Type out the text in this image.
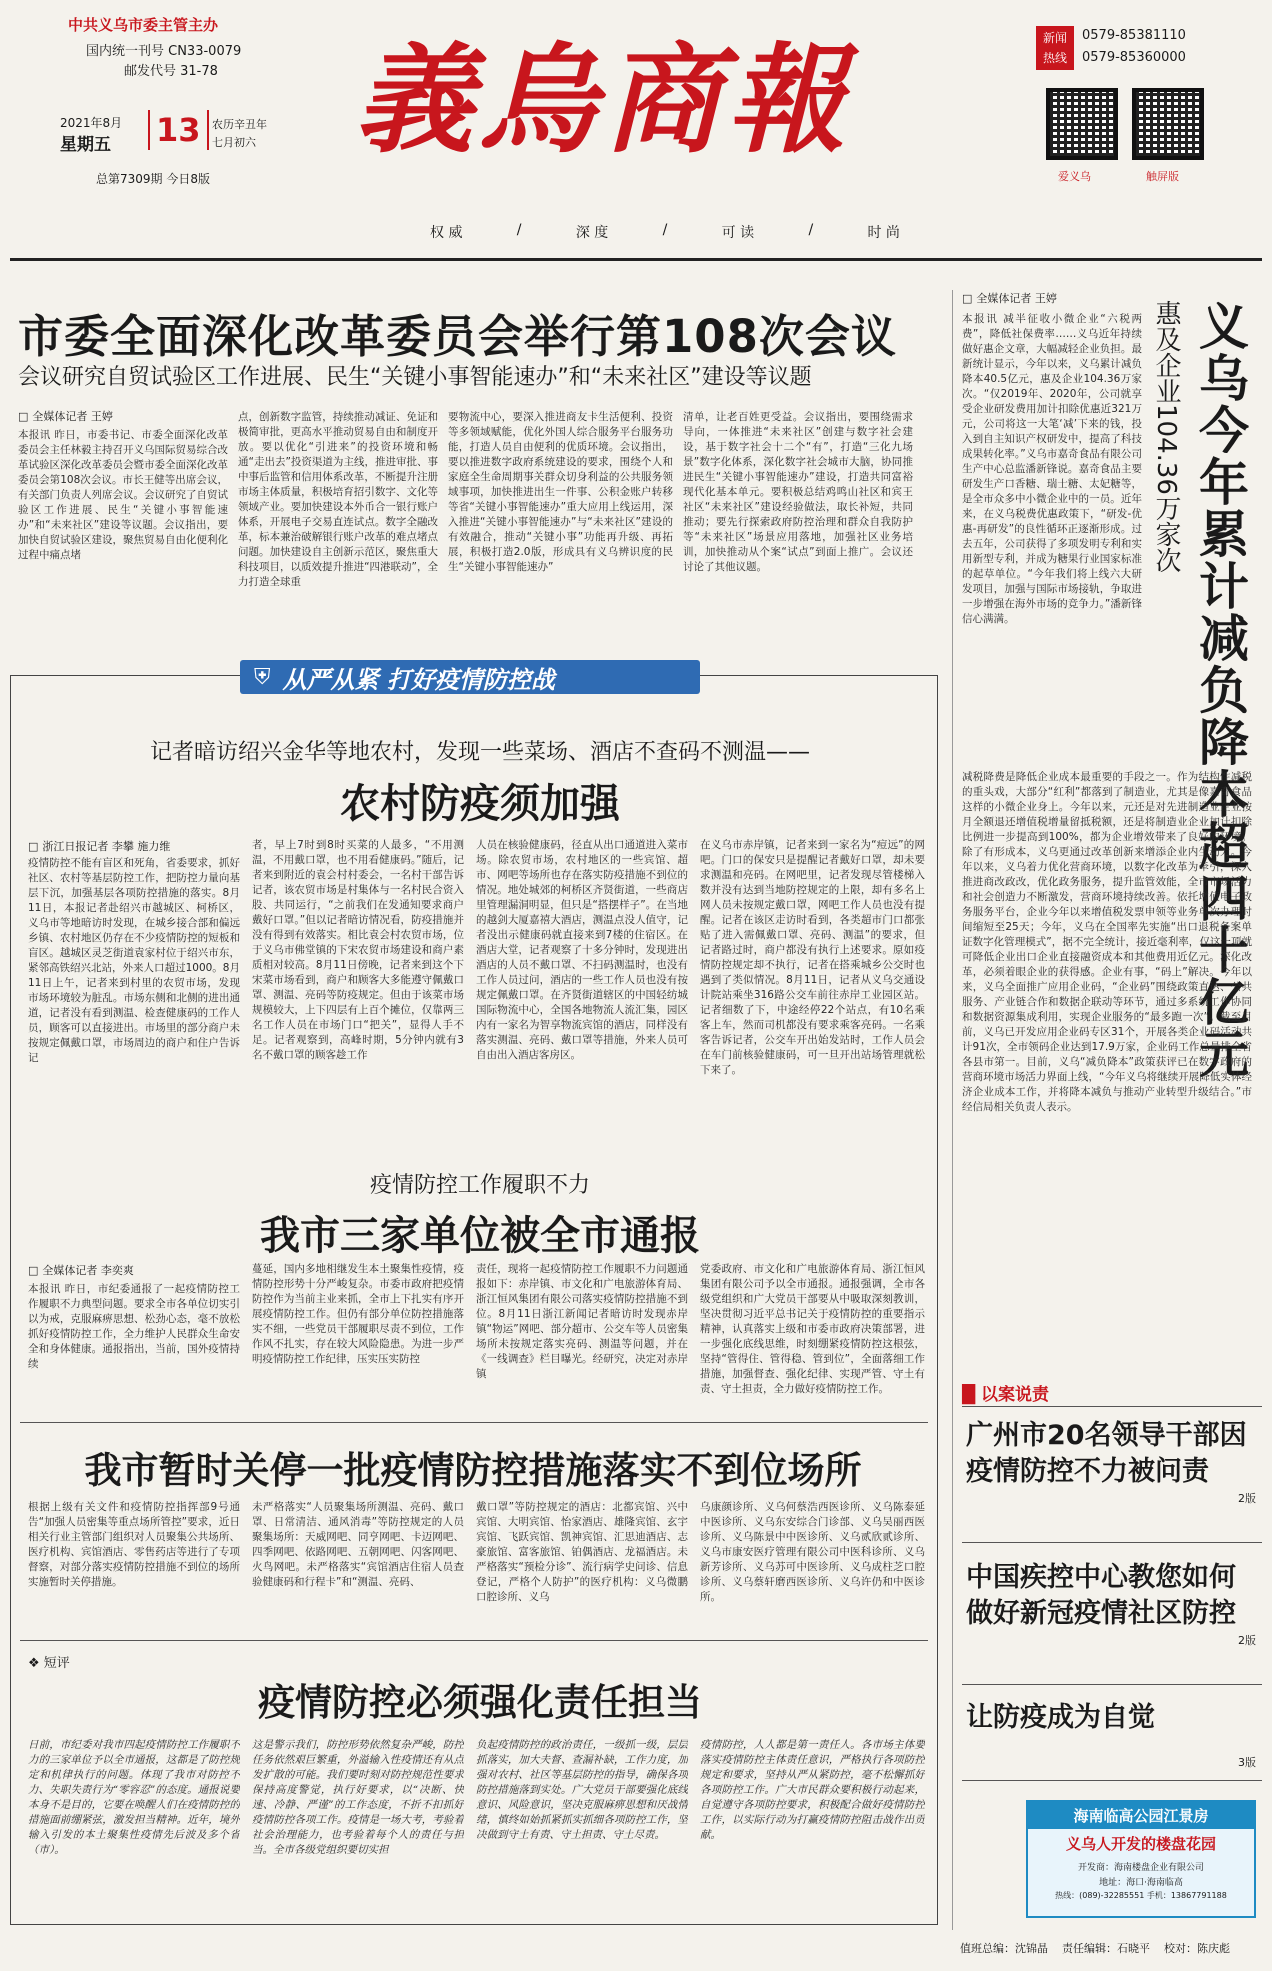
中共义乌市委主管主办
国内统一刊号 CN33-0079
邮发代号 31-78
2021年8月
星期五 13	农历辛丑年
七月初六
总第7309期 今日8版
義烏商報
权 威	/	深 度	/	可 读	/	时 尚
新闻
热线
0579-85381110
0579-85360000
爱义乌	触屏版
市委全面深化改革委员会举行第108次会议
会议研究自贸试验区工作进展、民生“关键小事智能速办”和“未来社区”建设等议题
□ 全媒体记者 王婷
本报讯 昨日，市委书记、市委全面深化改革委员会主任林毅主持召开义乌国际贸易综合改革试验区深化改革委员会暨市委全面深化改革委员会第108次会议。市长王健等出席会议，有关部门负责人列席会议。会议研究了自贸试验区工作进展、民生“关键小事智能速办”和“未来社区”建设等议题。会议指出，要加快自贸试验区建设，聚焦贸易自由化便利化过程中痛点堵
点，创新数字监管，持续推动减证、免证和极简审批，更高水平推动贸易自由和制度开放。要以优化“引进来”的投资环境和畅通“走出去”投资渠道为主线，推进审批、事中事后监管和信用体系改革，不断提升注册市场主体质量，积极培育招引数字、文化等领域产业。要加快建设本外币合一银行账户体系，开展电子交易直连试点。数字全融改革，标本兼治破解银行账户改革的难点堵点问题。加快建设自主创新示范区，聚焦重大科技项目，以质效提升推进“四港联动”，全力打造全球重
要物流中心，要深入推进商友卡生活便利、投资等多领域赋能，优化外国人综合服务平台服务功能，打造人员自由便利的优质环境。会议指出，要以推进数字政府系统建设的要求，围绕个人和家庭全生命周期事关群众切身利益的公共服务领域事项，加快推进出生一件事、公积金账户转移等省“关键小事智能速办”重大应用上线运用，深入推进“关键小事智能速办”与“未来社区”建设的有效融合，推动“关键小事”功能再升级、再拓展，积极打造2.0版，形成具有义乌辨识度的民生“关键小事智能速办”
清单，让老百姓更受益。会议指出，要围绕需求导向，一体推进“未来社区”创建与数字社会建设，基于数字社会十二个“有”，打造“三化九场景”数字化体系，深化数字社会城市大脑，协同推进民生“关键小事智能速办”建设，打造共同富裕现代化基本单元。要积极总结鸡鸣山社区和宾王社区“未来社区”建设经验做法，取长补短，共同推动；要先行探索政府防控治理和群众自我防护等“未来社区”场景应用落地，加强社区业务培训，加快推动从个案“试点”到面上推广。会议还讨论了其他议题。
□ 全媒体记者 王婷
义乌今年累计减负降本超四十亿元
惠及企业104.36万家次
本报讯 减半征收小微企业“六税两费”，降低社保费率……义乌近年持续做好惠企文章，大幅减轻企业负担。最新统计显示，今年以来，义乌累计减负降本40.5亿元，惠及企业104.36万家次。“仅2019年、2020年，公司就享受企业研发费用加计扣除优惠近321万元，公司将这一大笔‘减’下来的钱，投入到自主知识产权研发中，提高了科技成果转化率。”义乌市嘉奇食品有限公司生产中心总监潘新锋说。嘉奇食品主要研发生产口香糖、瑞士糖、太妃糖等，是全市众多中小微企业中的一员。近年来，在义乌税费优惠政策下，“研发-优惠-再研发”的良性循环正逐渐形成。过去五年，公司获得了多项发明专利和实用新型专利，并成为糖果行业国家标准的起草单位。“今年我们将上线六大研发项目，加强与国际市场接轨，争取进一步增强在海外市场的竞争力。”潘新锋信心满满。
减税降费是降低企业成本最重要的手段之一。作为结构性减税的重头戏，大部分“红利”都落到了制造业，尤其是像嘉奇食品这样的小微企业身上。今年以来，元还是对先进制造业企业按月全额退还增值税增量留抵税额，还是将制造业企业加计扣除比例进一步提高到100%，都为企业增效带来了良好的环境。除了有形成本，义乌更通过改革创新来增添企业内生动力。今年以来，义乌着力优化营商环境，以数字化改革为牵引，深入推进商改政改，优化政务服务，提升监管效能，全市市场活力和社会创造力不断激发，营商环境持续改善。依托增值电子政务服务平台，企业今年以来增值税发票申领等业务单次办理时间缩短至25天；今年，义乌在全国率先实施“出口退税备案单证数字化管理模式”，据不完全统计，接近毫利率，仅这一项就可降低企业出口企业直接融资成本和其他费用近亿元。深化改革，必须着眼企业的获得感。企业有事，“码上”解决。今年以来，义乌全面推广应用企业码，“企业码”围绕政策直达、公共服务、产业链合作和数据企联动等环节，通过多系统工作协同和数据资源集成利用，实现企业服务的“最多跑一次”。截至目前，义乌已开发应用企业码专区31个，开展各类企业码活动共计91次，全市领码企业达到17.9万家，企业码工作总量排全省各县市第一。目前，义乌“减负降本”政策获评已在数字政府的营商环境市场活力界面上线，“今年义乌将继续开展降低实体经济企业成本工作，并将降本减负与推动产业转型升级结合。”市经信局相关负责人表示。
⛨ 从严从紧 打好疫情防控战
记者暗访绍兴金华等地农村，发现一些菜场、酒店不查码不测温——
农村防疫须加强
□ 浙江日报记者 李攀 施力维
疫情防控不能有盲区和死角，省委要求，抓好社区、农村等基层防控工作，把防控力量向基层下沉，加强基层各项防控措施的落实。8月11日，本报记者赴绍兴市越城区、柯桥区，义乌市等地暗访时发现，在城乡接合部和偏远乡镇、农村地区仍存在不少疫情防控的短板和盲区。越城区灵芝街道袁家村位于绍兴市东，紧邻高铁绍兴北站，外来人口超过1000。8月11日上午，记者来到村里的农贸市场，发现市场环境较为脏乱。市场东侧和北侧的进出通道，记者没有看到测温、检查健康码的工作人员，顾客可以直接进出。市场里的部分商户未按规定佩戴口罩，市场周边的商户和住户告诉记
者，早上7时到8时买菜的人最多，“不用测温，不用戴口罩，也不用看健康码。”随后，记者来到附近的袁会村村委会，一名村干部告诉记者，该农贸市场是村集体与一名村民合资入股、共同运行，“之前我们在发通知要求商户戴好口罩。”但以记者暗访情况看，防疫措施并没有得到有效落实。相比袁会村农贸市场，位于义乌市佛堂镇的下宋农贸市场建设和商户素质相对较高。8月11日傍晚，记者来到这个下宋菜市场看到，商户和顾客大多能遵守佩戴口罩、测温、亮码等防疫规定。但由于该菜市场规模较大，上下四层有上百个摊位，仅靠两三名工作人员在市场门口“把关”，显得人手不足。记者观察到，高峰时期，5分钟内就有3名不戴口罩的顾客趁工作
人员在核验健康码，径直从出口通道进入菜市场。除农贸市场，农村地区的一些宾馆、超市、网吧等场所也存在落实防疫措施不到位的情况。地处城郊的柯桥区齐贤街道，一些商店里管理漏洞明显，但只是“搭摆样子”。在当地的越剑大厦嘉禧大酒店，测温点没人值守，记者没出示健康码就直接来到7楼的住宿区。在酒店大堂，记者观察了十多分钟时，发现进出酒店的人员不戴口罩、不扫码测温时，也没有工作人员过问，酒店的一些工作人员也没有按规定佩戴口罩。在齐贤街道辖区的中国轻纺城国际物流中心，全国各地物流人流汇集，园区内有一家名为智享物流宾馆的酒店，同样没有落实测温、亮码、戴口罩等措施，外来人员可自由出入酒店客房区。
在义乌市赤岸镇，记者来到一家名为“痘远”的网吧。门口的保安只是提醒记者戴好口罩，却未要求测温和亮码。在网吧里，记者发现尽管楼梯入数并没有达到当地防控规定的上限，却有多名上网人员未按规定戴口罩，网吧工作人员也没有提醒。记者在该区走访时看到，各类超市门口都张贴了进入需佩戴口罩、亮码、测温”的要求，但记者路过时，商户都没有执行上述要求。原如疫情防控规定却不执行，记者在搭乘城乡公交时也遇到了类似情况。8月11日，记者从义乌交通设计院站乘坐316路公交车前往赤岸工业园区站。记者细数了下，中途经停22个站点，有10名乘客上车，然而司机都没有要求乘客亮码。一名乘客告诉记者，公交车开出始发站时，工作人员会在车门前核验健康码，可一旦开出站场管理就松下来了。
疫情防控工作履职不力
我市三家单位被全市通报
□ 全媒体记者 李奕爽
本报讯 昨日，市纪委通报了一起疫情防控工作履职不力典型问题。要求全市各单位切实引以为戒，克服麻痹思想、松劲心态，毫不放松抓好疫情防控工作，全力维护人民群众生命安全和身体健康。通报指出，当前，国外疫情持续
蔓延，国内多地相继发生本土聚集性疫情，疫情防控形势十分严峻复杂。市委市政府把疫情防控作为当前主业来抓，全市上下扎实有序开展疫情防控工作。但仍有部分单位防控措施落实不细，一些党员干部履职尽责不到位，工作作风不扎实，存在较大风险隐患。为进一步严明疫情防控工作纪律，压实压实防控
责任，现将一起疫情防控工作履职不力问题通报如下：赤岸镇、市文化和广电旅游体育局、浙江恒风集团有限公司落实疫情防控措施不到位。8月11日浙江新闻记者暗访时发现赤岸镇“物运”网吧、部分超市、公交车等人员密集场所未按规定落实亮码、测温等问题，并在《一线调查》栏目曝光。经研究，决定对赤岸镇
党委政府、市文化和广电旅游体育局、浙江恒风集团有限公司予以全市通报。通报强调，全市各级党组织和广大党员干部要从中吸取深刻教训，坚决贯彻习近平总书记关于疫情防控的重要指示精神，认真落实上级和市委市政府决策部署，进一步强化底线思维，时刻绷紧疫情防控这根弦，坚持“管得住、管得稳、管到位”，全面落细工作措施，加强督查、强化纪律、实现严管、守土有责、守土担责，全力做好疫情防控工作。
我市暂时关停一批疫情防控措施落实不到位场所
根据上级有关文件和疫情防控指挥部9号通告“加强人员密集等重点场所管控”要求，近日相关行业主管部门组织对人员聚集公共场所、医疗机构、宾馆酒店、零售药店等进行了专项督察，对部分落实疫情防控措施不到位的场所实施暂时关停措施。
未严格落实“人员聚集场所测温、亮码、戴口罩、日常清洁、通风消毒”等防控规定的人员聚集场所：天威网吧、同亨网吧、卡迈网吧、四季网吧、依路网吧、五朝网吧、闪客网吧、火鸟网吧。未严格落实“宾馆酒店住宿人员查验健康码和行程卡”和“测温、亮码、
戴口罩”等防控规定的酒店：北都宾馆、兴中宾馆、大明宾馆、怡家酒店、雄隆宾馆、玄宇宾馆、飞跃宾馆、凯神宾馆、汇思迪酒店、志豪旅馆、富客旅馆、铂偶酒店、龙福酒店。未严格落实“预检分诊”、流行病学史问诊、信息登记，严格个人防护”的医疗机构：义乌微鹏口腔诊所、义乌
乌康颜诊所、义乌何蔡浩西医诊所、义乌陈泰延中医诊所、义乌东安综合门诊部、义乌吴丽西医诊所、义乌陈景中中医诊所、义乌贰欣贰诊所、义乌市康安医疗管理有限公司中医科诊所、义乌新芳诊所、义乌苏可中医诊所、义乌成柱芝口腔诊所、义乌蔡轩磨西医诊所、义乌许仍和中医诊所。
❖ 短评
疫情防控必须强化责任担当
日前，市纪委对我市四起疫情防控工作履职不力的三家单位予以全市通报，这都是了防控规定和机律执行的问题。体现了我市对防控不力、失职失责行为“零容忍”的态度。通报说要本身不是目的，它要在唤醒人们在疫情防控的措施面前绷紧弦，激发担当精神。近年，境外输入引发的本土聚集性疫情先后波及多个省（市）。
这是警示我们，防控形势依然复杂严峻，防控任务依然艰巨繁重，外溢输入性疫情还有从点发扩散的可能。我们要时刻对防控规范性要求保持高度警觉，执行好要求，以“决断、快速、冷静、严谨”的工作态度，不折不扣抓好疫情防控各项工作。疫情是一场大考，考验着社会治理能力，也考验着每个人的责任与担当。全市各级党组织要切实担
负起疫情防控的政治责任，一级抓一级，层层抓落实，加大夫督、查漏补缺，工作力度，加强对农村、社区等基层防控的指导，确保各项防控措施落到实处。广大党员干部要强化底线意识、风险意识，坚决克服麻痹思想和厌战情绪，慎终如始抓紧抓实抓细各项防控工作，坚决做到守土有责、守土担责、守土尽责。
疫情防控，人人都是第一责任人。各市场主体要落实疫情防控主体责任意识，严格执行各项防控规定和要求，坚持从严从紧防控，毫不松懈抓好各项防控工作。广大市民群众要积极行动起来，自觉遵守各项防控要求，积极配合做好疫情防控工作，以实际行动为打赢疫情防控阻击战作出贡献。
█ 以案说责
广州市20名领导干部因疫情防控不力被问责
2版
中国疾控中心教您如何做好新冠疫情社区防控
2版
让防疫成为自觉
3版
海南临高公园江景房
义乌人开发的楼盘花园
开发商：海南楼盘企业有限公司
地址：海口·海南临高
热线：(089)-32285551 手机：13867791188
值班总编：沈锦晶 责任编辑：石晓平 校对：陈庆彪
